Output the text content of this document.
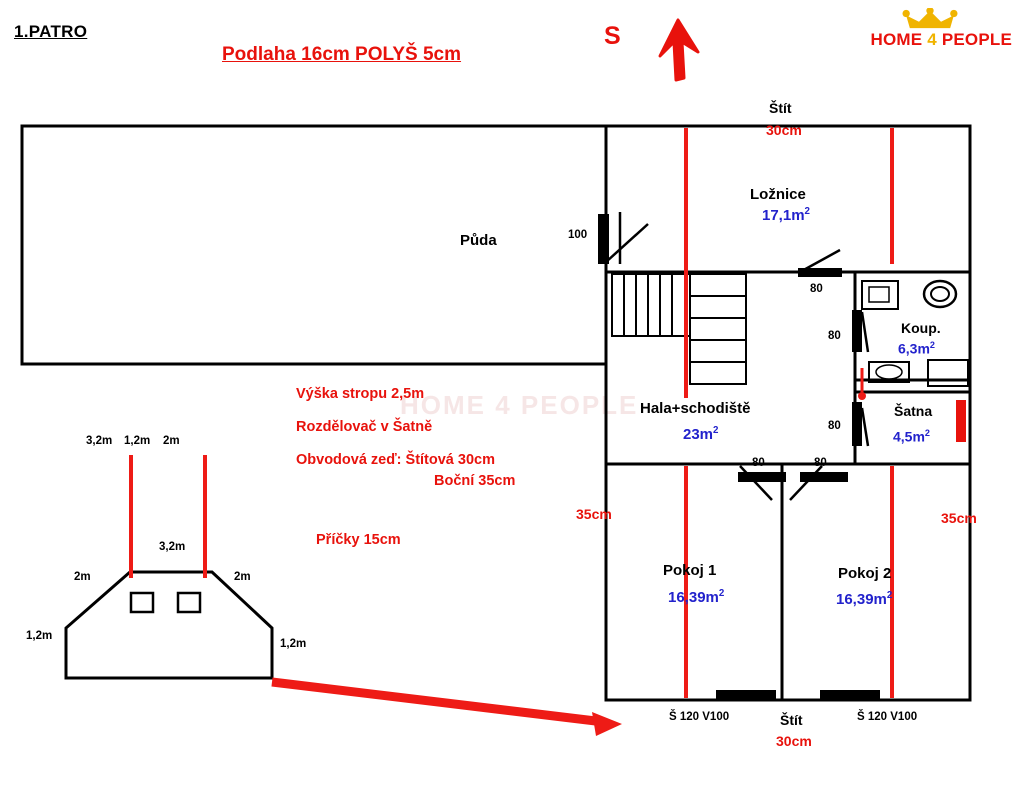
1.PATRO
Podlaha 16cm POLYŠ 5cm
S	HOME 4 PEOPLE
HOME 4 PEOPLE
Půda
Ložnice
$17,1m^2$
Koup.
$6,3m^2$
Šatna
$4,5m^2$
Hala+schodiště
$23m^2$
Pokoj 1
$16,39m^2$
Pokoj 2
$16,39m^2$
Štít
30cm
Štít
30cm
35cm	35cm
100
80
80
80
80	80
Š 120 V100	Š 120 V100
Výška stropu 2,5m
Rozdělovač v Šatně
Obvodová zeď: Štítová 30cm
Boční 35cm
Příčky 15cm
3,2m 1,2m 2m
3,2m
2m	2m
1,2m
1,2m
